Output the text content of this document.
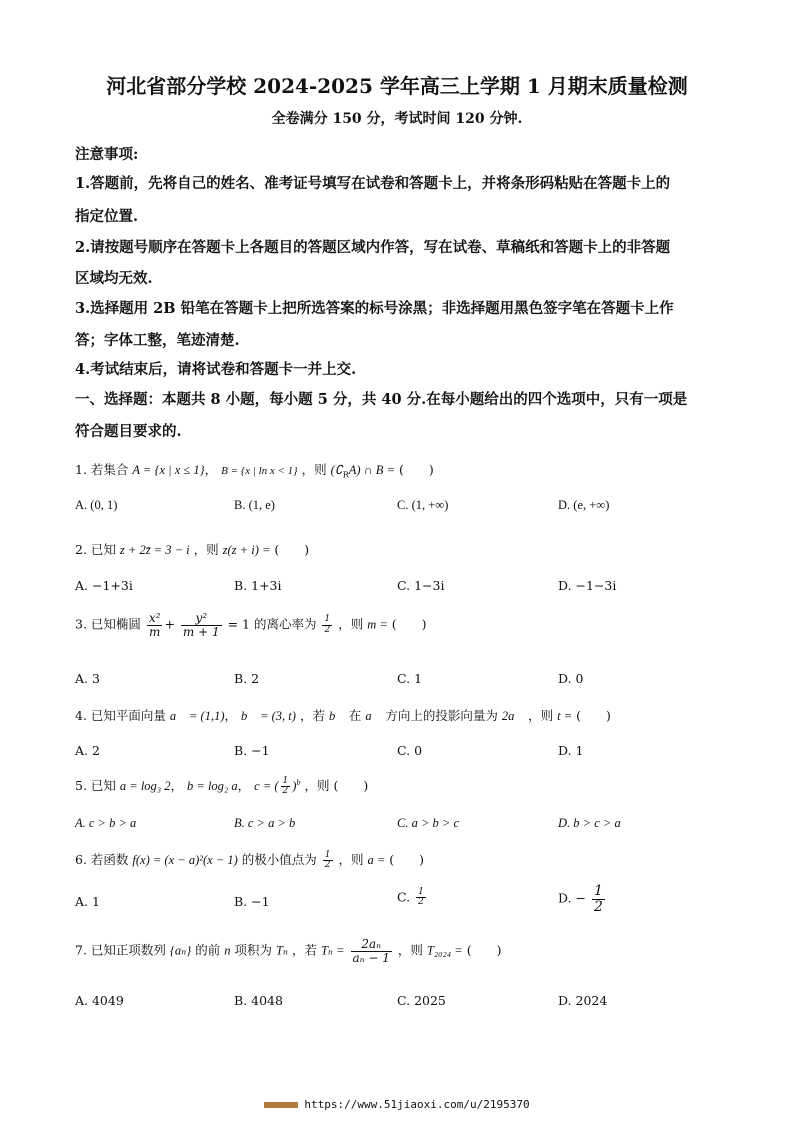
河北省部分学校 2024-2025 学年高三上学期 1 月期末质量检测
全卷满分 150 分，考试时间 120 分钟.
注意事项:
1.答题前，先将自己的姓名、准考证号填写在试卷和答题卡上，并将条形码粘贴在答题卡上的
指定位置.
2.请按题号顺序在答题卡上各题目的答题区域内作答，写在试卷、草稿纸和答题卡上的非答题
区域均无效.
3.选择题用 2B 铅笔在答题卡上把所选答案的标号涂黑；非选择题用黑色签字笔在答题卡上作
答；字体工整，笔迹清楚.
4.考试结束后，请将试卷和答题卡一并上交.
一、选择题：本题共 8 小题，每小题 5 分，共 40 分.在每小题给出的四个选项中，只有一项是
符合题目要求的.
1. 若集合 A = {x | x ≤ 1}， B = {x | ln x < 1} ，则 $(∁_RA)$ ∩ B = (　　)
A. (0, 1)	B. (1, e)	C. (1, +∞)	D. (e, +∞)
2. 已知 z + 2z̄ = 3 − i ，则 z(z + i) = (　　)
A. −1+3i	B. 1+3i	C. 1−3i	D. −1−3i
3. 已知椭圆 $\frac{\text{x²}}{m} + \frac{\text{y²}}{m + 1} = 1$ 的离心率为 $\frac{1}{2}$ ，则 m = (　　)
A. 3	B. 2	C. 1	D. 0
4. 已知平面向量 a⃗ = (1,1)， b⃗ = (3, t) ，若 b⃗ 在 a⃗ 方向上的投影向量为 2a⃗ ，则 t = (　　)
A. 2	B. −1	C. 0	D. 1
5. 已知 a = log₃ 2， b = log₂ a， c = ( $\frac{1}{2} )^b$ ，则 (　　)
A. c > b > a	B. c > a > b	C. a > b > c	D. b > c > a
6. 若函数 f(x) = (x − a)²(x − 1) 的极小值点为 $\frac{1}{2}$ ，则 a = (　　)
A. 1	B. −1	C. $\frac{1}{2}$	D. − $\frac{1}{2}$
7. 已知正项数列 {aₙ} 的前 n 项积为 Tₙ ，若 $T_n = \frac{\text{2aₙ}}{\text{aₙ − 1}}$ ，则 T₂₀₂₄ = (　　)
A. 4049	B. 4048	C. 2025	D. 2024
https://www.51jiaoxi.com/u/2195370
